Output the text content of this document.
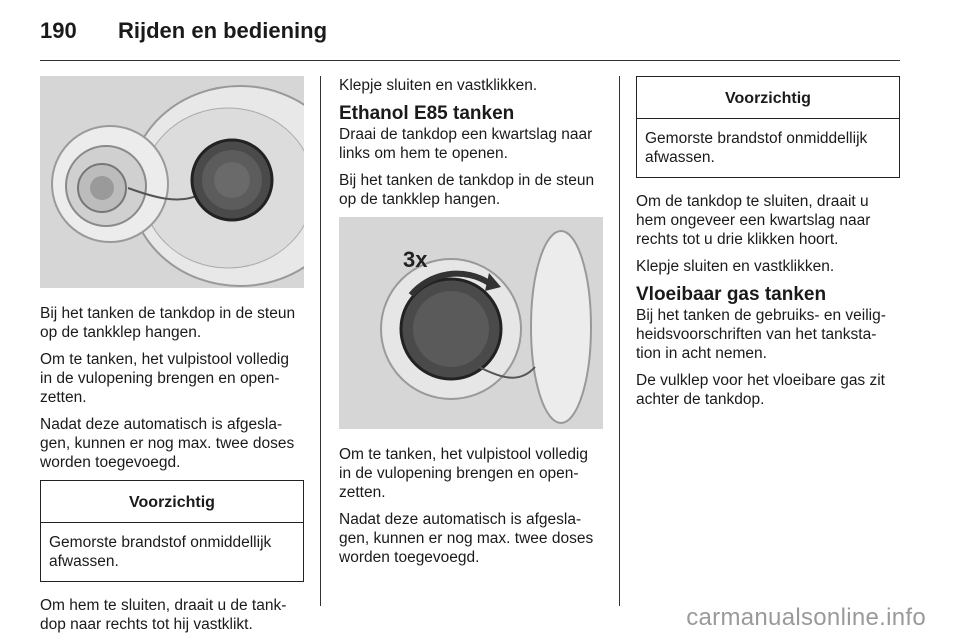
190 Rijden en bediening

Bij het tanken de tankdop in de steun op de tankklep hangen.

Om te tanken, het vulpistool volledig in de vulopening brengen en open-zetten.

Nadat deze automatisch is afgesla-gen, kunnen er nog max. twee doses worden toegevoegd.

Voorzichtig
Gemorste brandstof onmiddellijk afwassen.

Om hem te sluiten, draait u de tank-dop naar rechts tot hij vastklikt.

Klepje sluiten en vastklikken.

Ethanol E85 tanken

Draai de tankdop een kwartslag naar links om hem te openen.

Bij het tanken de tankdop in de steun op de tankklep hangen.

3x

Om te tanken, het vulpistool volledig in de vulopening brengen en open-zetten.

Nadat deze automatisch is afgesla-gen, kunnen er nog max. twee doses worden toegevoegd.

Voorzichtig
Gemorste brandstof onmiddellijk afwassen.

Om de tankdop te sluiten, draait u hem ongeveer een kwartslag naar rechts tot u drie klikken hoort.

Klepje sluiten en vastklikken.

Vloeibaar gas tanken

Bij het tanken de gebruiks- en veilig-heidsvoorschriften van het tanksta-tion in acht nemen.

De vulklep voor het vloeibare gas zit achter de tankdop.

carmanualsonline.info
